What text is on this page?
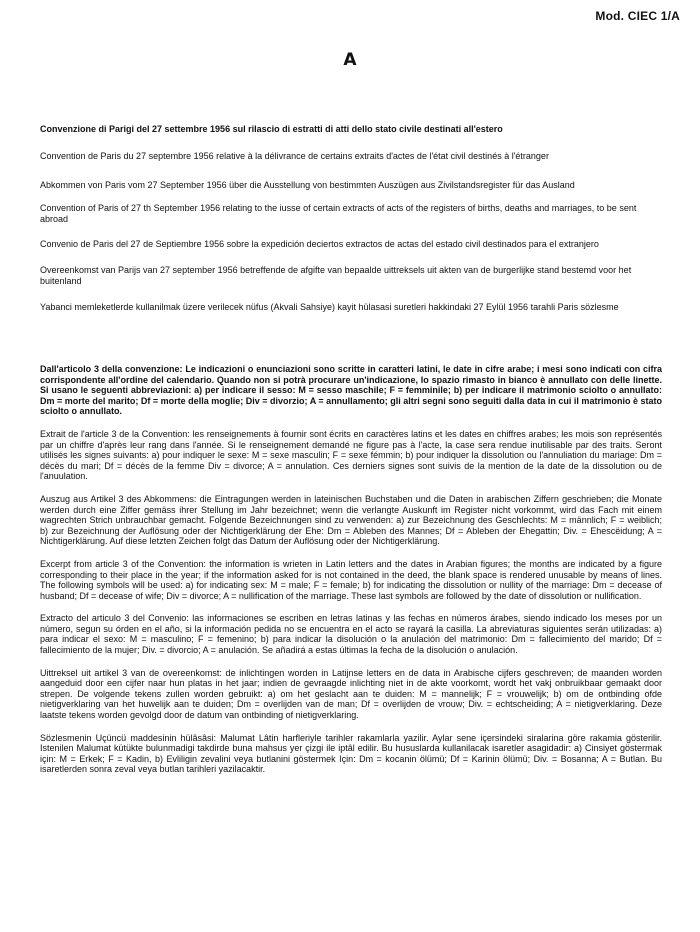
Mod. CIEC 1/A
A

Convenzione di Parigi del 27 settembre 1956 sul rilascio di estratti di atti dello stato civile destinati all'estero

Convention de Paris du 27 septembre 1956 relative à la délivrance de certains extraits d'actes de l'état civil destinés à l'étranger

Abkommen von Paris vom 27 September 1956 über die Ausstellung von bestimmten Auszügen aus Zivilstandsregister für das Ausland

Convention of Paris of 27 th September 1956 relating to the iusse of certain extracts of acts of the registers of births, deaths and marriages, to be sent abroad

Convenio de Paris del 27 de Septiembre 1956 sobre la expedición deciertos extractos de actas del estado civil destinados para el extranjero

Overeenkomst van Parijs van 27 september 1956 betreffende de afgifte van bepaalde uittreksels uit akten van de burgerlijke stand bestemd voor het buitenland

Yabanci memleketlerde kullanilmak üzere verilecek nüfus (Akvali Sahsiye) kayit hülasasi suretleri hakkindaki 27 Eylül 1956 tarahli Paris sözlesme

Dall'articolo 3 della convenzione: Le indicazioni o enunciazioni sono scritte in caratteri latini, le date in cifre arabe; i mesi sono indicati con cifra corrispondente all'ordine del calendario. Quando non si potrà procurare un'indicazione, lo spazio rimasto in bianco è annullato con delle linette. Si usano le seguenti abbreviazioni: a) per indicare il sesso: M = sesso maschile; F = femminile; b) per indicare il matrimonio sciolto o annullato: Dm = morte del marito; Df = morte della moglie; Div = divorzio; A = annullamento; gli altri segni sono seguiti dalla data in cui il matrimonio è stato sciolto o annullato.

Extrait de l'article 3 de la Convention: les renseignements à fournir sont écrits en caractères latins et les dates en chiffres arabes; les mois son représentés par un chiffre d'après leur rang dans l'année. Si le renseignement demandé ne figure pas à l'acte, la case sera rendue inutilisable par des traits. Seront utilisés les signes suivants: a) pour indiquer le sexe: M = sexe masculin; F = sexe fémmin; b) pour indiquer la dissolution ou l'annuliation du mariage: Dm = décès du mari; Df = décès de la femme Div = divorce; A = annulation. Ces derniers signes sont suivis de la mention de la date de la dissolution ou de l'anuulation.

Auszug aus Artikel 3 des Abkommens: die Eintragungen werden in lateinischen Buchstaben und die Daten in arabischen Ziffern geschrieben; die Monate werden durch eine Ziffer gemäss ihrer Stellung im Jahr bezeichnet; wenn die verlangte Auskunft im Register nicht vorkommt, wird das Fach mit einem wagrechten Strich unbrauchbar gemacht. Folgende Bezeichnungen sind zu verwenden: a) zur Bezeichnung des Geschlechts: M = männlich; F = weiblich; b) zur Bezeichnung der Auflösung oder der Nichtigerklärung der Ehe: Dm = Ableben des Mannes; Df = Ableben der Ehegattin; Div. = Ehescëidung; A = Nichtigerklärung. Auf diese letzten Zeichen folgt das Datum der Auflösung oder der Nichtigerklärung.

Excerpt from article 3 of the Convention: the information is wrieten in Latin letters and the dates in Arabian figures; the months are indicated by a figure corresponding to their place in the year; if the information asked for is not contained in the deed, the blank space is rendered unusable by means of lines. The following symbols will be used: a) for indicating sex: M = male; F = female; b) for indicating the dissolution or nullity of the marriage: Dm = decease of husband; Df = decease of wife; Div = divorce; A = nullification of the marriage. These last symbols are followed by the date of dissolution or nullification.

Extracto del articulo 3 del Convenio: las informaciones se escriben en letras latinas y las fechas en números árabes, siendo indicado los meses por un número, segun su órden en el año, si la información pedida no se encuentra en el acto se rayará la casilla. La abreviaturas siguientes serán utilizadas: a) para indicar el sexo: M = masculino; F = femenino; b) para indicar la disolución o la anulación del matrimonio: Dm = fallecimiento del marido; Df = fallecimiento de la mujer; Div. = divorcio; A = anulación. Se añadirá a estas últimas la fecha de la disolución o anulación.

Uittreksel uit artikel 3 van de overeenkomst: de inlichtingen worden in Latijnse letters en de data in Arabische cijfers geschreven; de maanden worden aangeduid door een cijfer naar hun platas in het jaar; indien de gevraagde inlichting niet in de akte voorkomt, wordt het vakj onbruikbaar gemaakt door strepen. De volgende tekens zullen worden gebruikt: a) om het geslacht aan te duiden: M = mannelijk; F = vrouwelijk; b) om de ontbinding ofde nietigverklaring van het huwelijk aan te duiden; Dm = overlijden van de man; Df = overlijden de vrouw; Div. = echtscheiding; A = nietigverklaring. Deze laatste tekens worden gevolgd door de datum van ontbinding of nietigverklaring.

Sözlesmenin Uçüncü maddesinin hülâsâsi: Malumat Lâtin harfleriyle tarihler rakamlarla yazilir. Aylar sene içersindeki siralarina göre rakamia gösterilir. Istenilen Malumat kütükte bulunmadigi takdirde buna mahsus yer çizgi ile iptâl edilir. Bu hususlarda kullanilacak isaretler asagidadir: a) Cinsiyet göstermak için: M = Erkek; F = Kadin, b) Evliligin zevalini veya butlanini göstermek Için: Dm = kocanin ölümü; Df = Karinin ölümü; Div. = Bosanna; A = Butlan. Bu isaretlerden sonra zeval veya butlan tarihleri yazilacaktir.
